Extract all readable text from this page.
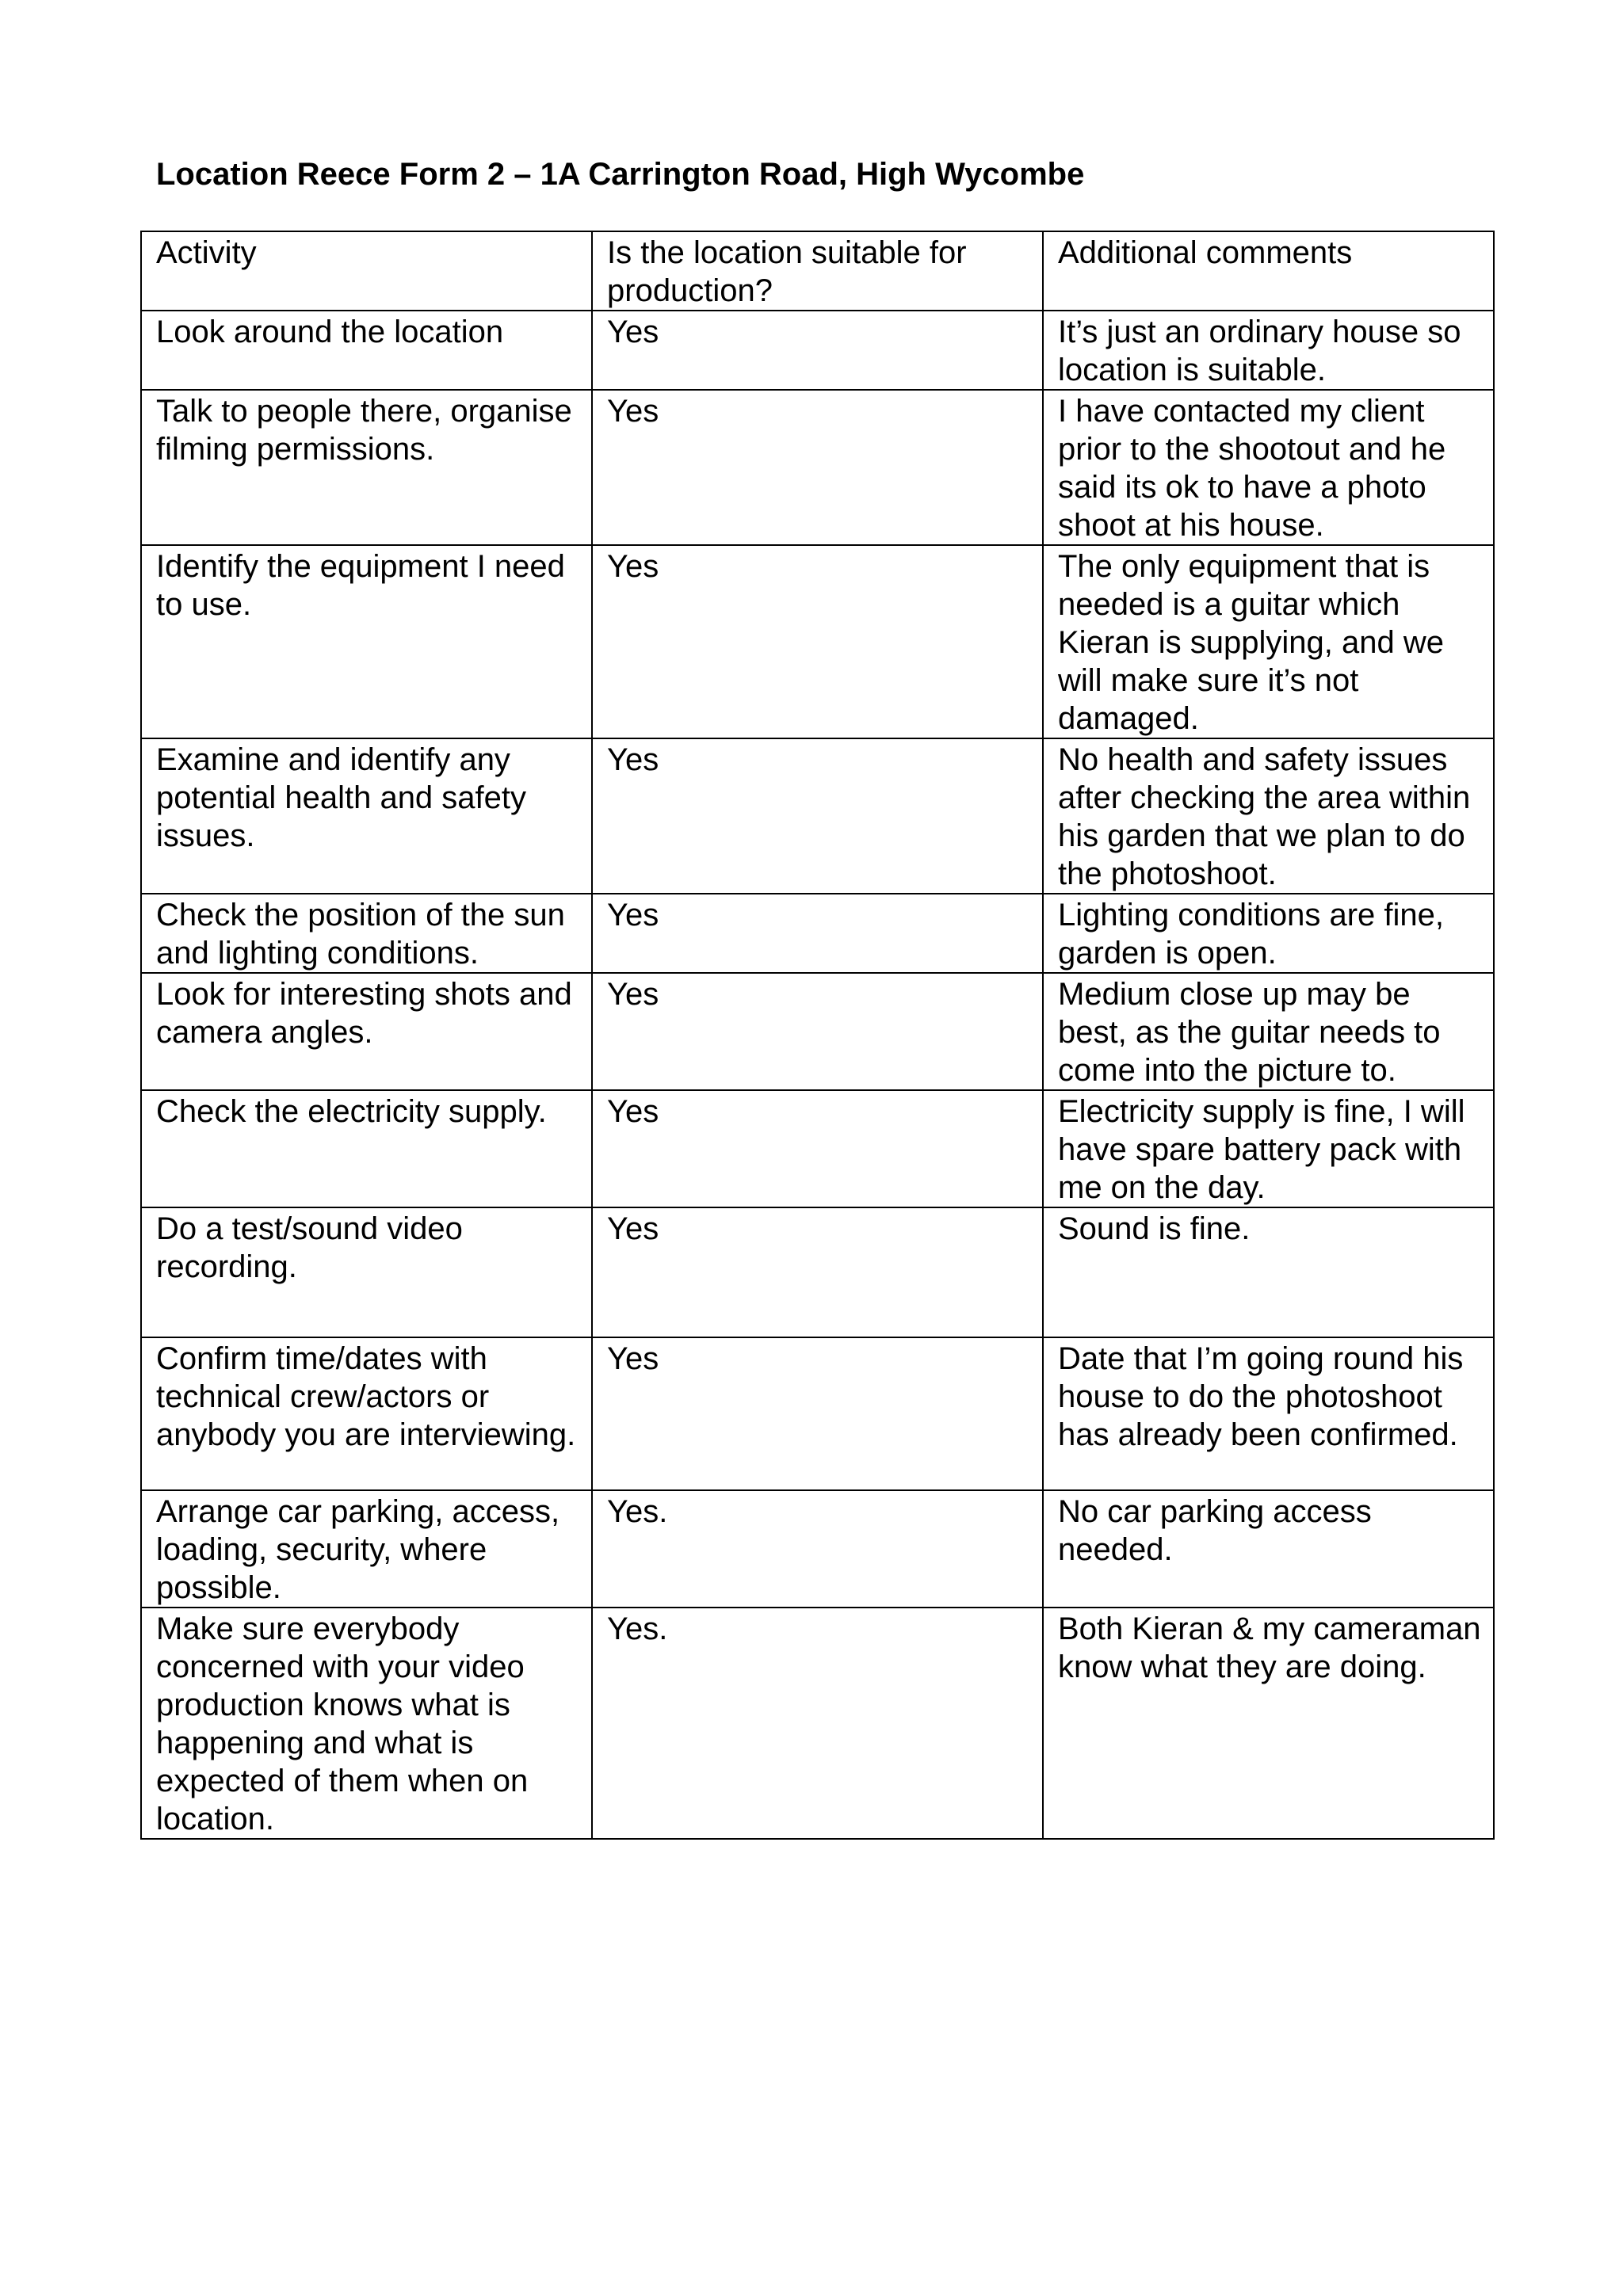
Location Reece Form 2 – 1A Carrington Road, High Wycombe
Activity	Is the location suitable for production?	Additional comments

Look around the location	Yes	It’s just an ordinary house so location is suitable.

Talk to people there, organise filming permissions.	Yes	I have contacted my client prior to the shootout and he said its ok to have a photo shoot at his house.

Identify the equipment I need to use.	Yes	The only equipment that is needed is a guitar which Kieran is supplying, and we will make sure it’s not damaged.

Examine and identify any potential health and safety issues.	Yes	No health and safety issues after checking the area within his garden that we plan to do the photoshoot.

Check the position of the sun and lighting conditions.	Yes	Lighting conditions are fine, garden is open.

Look for interesting shots and camera angles.	Yes	Medium close up may be best, as the guitar needs to come into the picture to.

Check the electricity supply.	Yes	Electricity supply is fine, I will have spare battery pack with me on the day.

Do a test/sound video recording.	Yes	Sound is fine.

Confirm time/dates with technical crew/actors or anybody you are interviewing.	Yes	Date that I’m going round his house to do the photoshoot has already been confirmed.

Arrange car parking, access, loading, security, where possible.	Yes.	No car parking access needed.

Make sure everybody concerned with your video production knows what is happening and what is expected of them when on location.	Yes.	Both Kieran & my cameraman know what they are doing.
